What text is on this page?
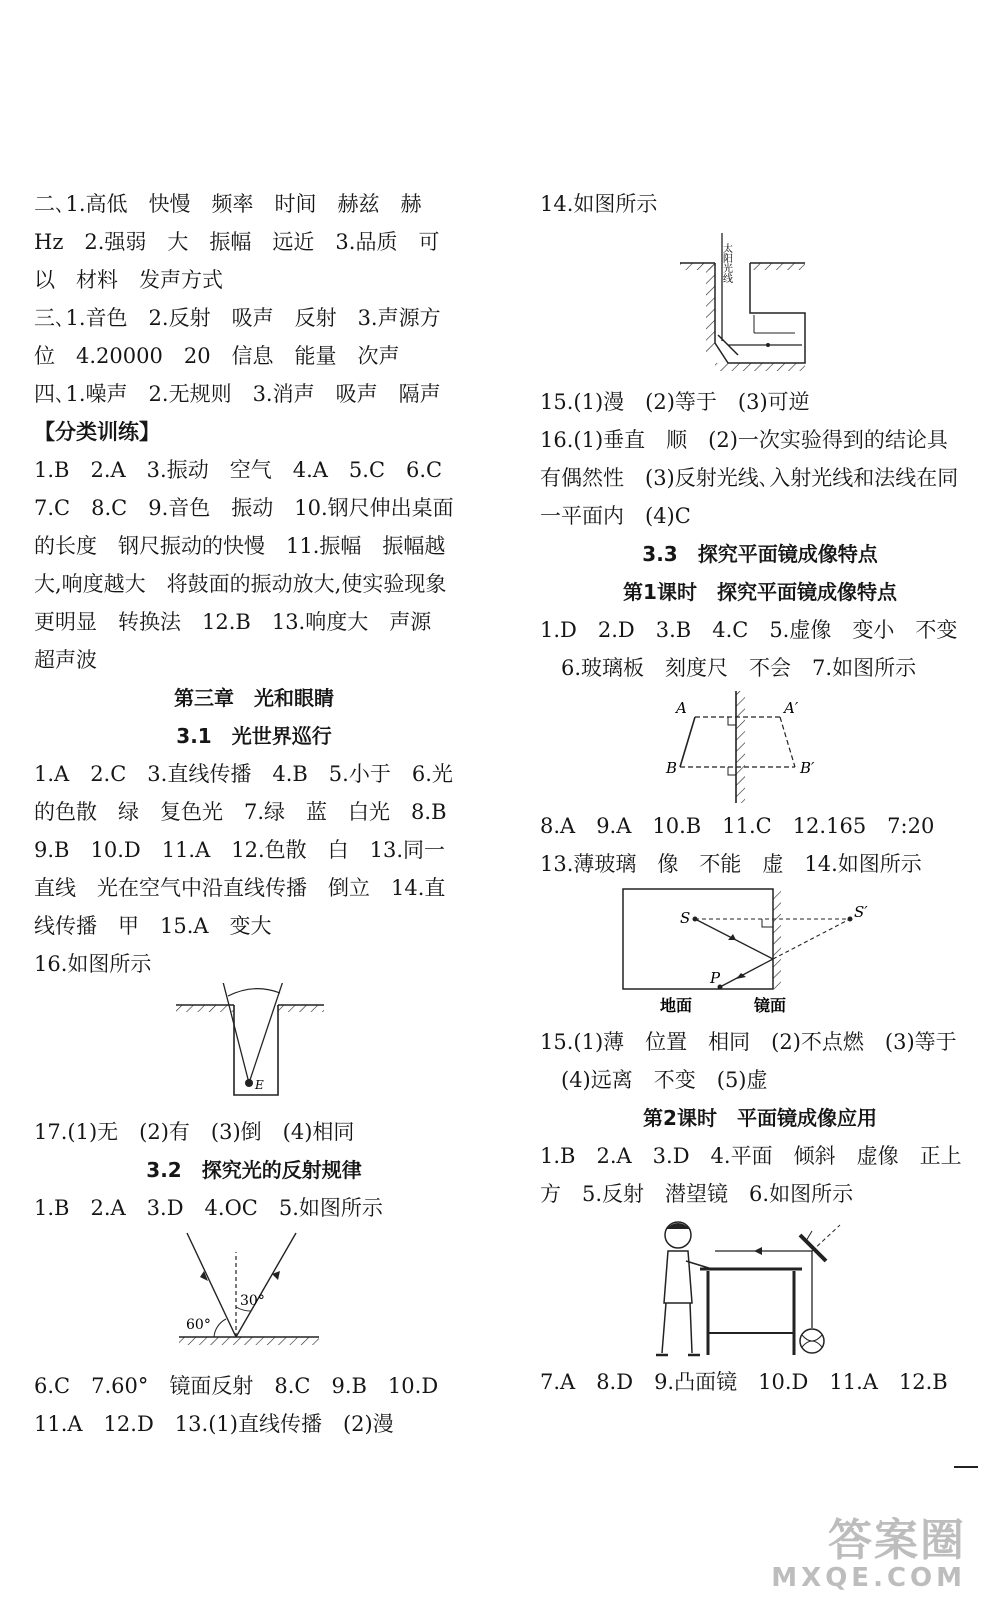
二､1.高低　快慢　频率　时间　赫兹　赫
Hz　2.强弱　大　振幅　远近　3.品质　可
以　材料　发声方式
三､1.音色　2.反射　吸声　反射　3.声源方
位　4.20000　20　信息　能量　次声
四､1.噪声　2.无规则　3.消声　吸声　隔声
【分类训练】
1.B　2.A　3.振动　空气　4.A　5.C　6.C
7.C　8.C　9.音色　振动　10.钢尺伸出桌面
的长度　钢尺振动的快慢　11.振幅　振幅越
大,响度越大　将鼓面的振动放大,使实验现象
更明显　转换法　12.B　13.响度大　声源
超声波
第三章　光和眼睛
3.1　光世界巡行
1.A　2.C　3.直线传播　4.B　5.小于　6.光
的色散　绿　复色光　7.绿　蓝　白光　8.B
9.B　10.D　11.A　12.色散　白　13.同一
直线　光在空气中沿直线传播　倒立　14.直
线传播　甲　15.A　变大
16.如图所示
E
17.(1)无　(2)有　(3)倒　(4)相同
3.2　探究光的反射规律
1.B　2.A　3.D　4.OC　5.如图所示
30°
60°
6.C　7.60°　镜面反射　8.C　9.B　10.D
11.A　12.D　13.(1)直线传播　(2)漫
14.如图所示
太阳光线
15.(1)漫　(2)等于　(3)可逆
16.(1)垂直　顺　(2)一次实验得到的结论具
有偶然性　(3)反射光线､入射光线和法线在同
一平面内　(4)C
3.3　探究平面镜成像特点
第1课时　探究平面镜成像特点
1.D　2.D　3.B　4.C　5.虚像　变小　不变
　6.玻璃板　刻度尺　不会　7.如图所示
A	A′
B	B′
8.A　9.A　10.B　11.C　12.165　7:20
13.薄玻璃　像　不能　虚　14.如图所示
S	S′
P
地面	镜面
15.(1)薄　位置　相同　(2)不点燃　(3)等于
　(4)远离　不变　(5)虚
第2课时　平面镜成像应用
1.B　2.A　3.D　4.平面　倾斜　虚像　正上
方　5.反射　潜望镜　6.如图所示
7.A　8.D　9.凸面镜　10.D　11.A　12.B
答案圈
MXQE.COM
